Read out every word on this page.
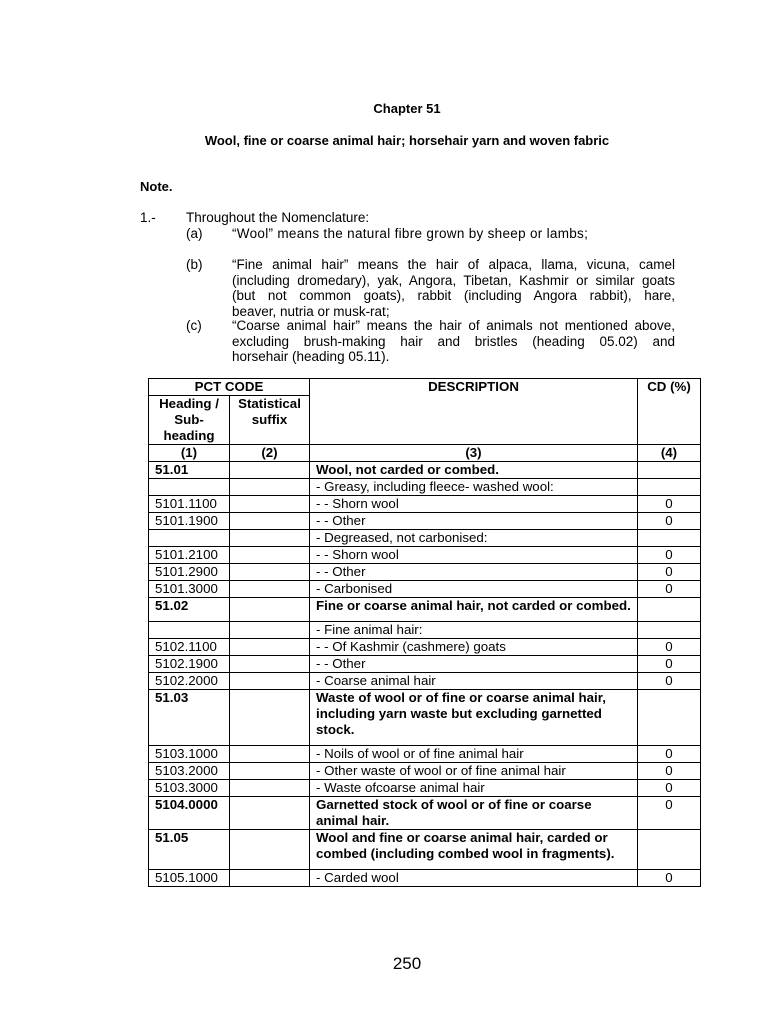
Chapter 51
Wool, fine or coarse animal hair; horsehair yarn and woven fabric
Note.
1.- Throughout the Nomenclature:
(a) “Wool” means the natural fibre grown by sheep or lambs;
(b) “Fine animal hair” means the hair of alpaca, llama, vicuna, camel
(including dromedary), yak, Angora, Tibetan, Kashmir or similar goats
(but not common goats), rabbit (including Angora rabbit), hare,
beaver, nutria or musk-rat;
(c) “Coarse animal hair” means the hair of animals not mentioned above,
excluding brush-making hair and bristles (heading 05.02) and
horsehair (heading 05.11).
PCT CODE		DESCRIPTION	CD (%)
Heading / Sub- heading	Statistical suffix		
(1)	(2)	(3)	(4)
51.01		Wool, not carded or combed.	
		- Greasy, including fleece- washed wool:	
5101.1100		- - Shorn wool	0
5101.1900		- - Other	0
		- Degreased, not carbonised:	
5101.2100		- - Shorn wool	0
5101.2900		- - Other	0
5101.3000		- Carbonised	0
51.02		Fine or coarse animal hair, not carded or combed.	
		- Fine animal hair:	
5102.1100		- - Of Kashmir (cashmere) goats	0
5102.1900		- - Other	0
5102.2000		- Coarse animal hair	0
51.03		Waste of wool or of fine or coarse animal hair, including yarn waste but excluding garnetted stock.	
5103.1000		- Noils of wool or of fine animal hair	0
5103.2000		- Other waste of wool or of fine animal hair	0
5103.3000		- Waste ofcoarse animal hair	0
5104.0000		Garnetted stock of wool or of fine or coarse animal hair.	0
51.05		Wool and fine or coarse animal hair, carded or combed (including combed wool in fragments).	
5105.1000		- Carded wool	0
250
